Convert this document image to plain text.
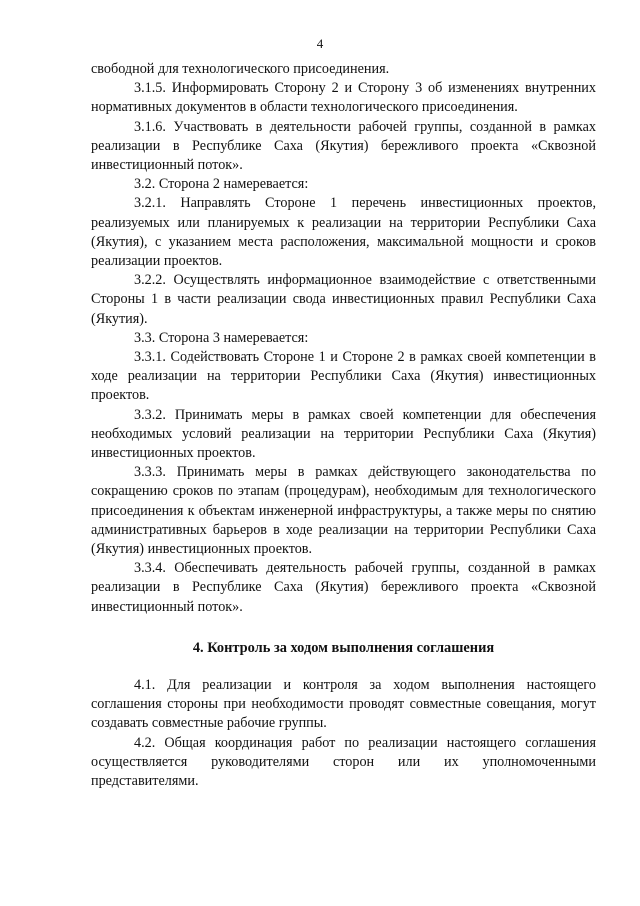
4

свободной для технологического присоединения.

3.1.5. Информировать Сторону 2 и Сторону 3 об изменениях внутренних нормативных документов в области технологического присоединения.

3.1.6. Участвовать в деятельности рабочей группы, созданной в рамках реализации в Республике Саха (Якутия) бережливого проекта «Сквозной инвестиционный поток».

3.2. Сторона 2 намеревается:

3.2.1. Направлять Стороне 1 перечень инвестиционных проектов, реализуемых или планируемых к реализации на территории Республики Саха (Якутия), с указанием места расположения, максимальной мощности и сроков реализации проектов.

3.2.2. Осуществлять информационное взаимодействие с ответственными Стороны 1 в части реализации свода инвестиционных правил Республики Саха (Якутия).

3.3. Сторона 3 намеревается:

3.3.1. Содействовать Стороне 1 и Стороне 2 в рамках своей компетенции в ходе реализации на территории Республики Саха (Якутия) инвестиционных проектов.

3.3.2. Принимать меры в рамках своей компетенции для обеспечения необходимых условий реализации на территории Республики Саха (Якутия) инвестиционных проектов.

3.3.3. Принимать меры в рамках действующего законодательства по сокращению сроков по этапам (процедурам), необходимым для технологического присоединения к объектам инженерной инфраструктуры, а также меры по снятию административных барьеров в ходе реализации на территории Республики Саха (Якутия) инвестиционных проектов.

3.3.4. Обеспечивать деятельность рабочей группы, созданной в рамках реализации в Республике Саха (Якутия) бережливого проекта «Сквозной инвестиционный поток».

4. Контроль за ходом выполнения соглашения

4.1. Для реализации и контроля за ходом выполнения настоящего соглашения стороны при необходимости проводят совместные совещания, могут создавать совместные рабочие группы.

4.2. Общая координация работ по реализации настоящего соглашения осуществляется руководителями сторон или их уполномоченными представителями.
